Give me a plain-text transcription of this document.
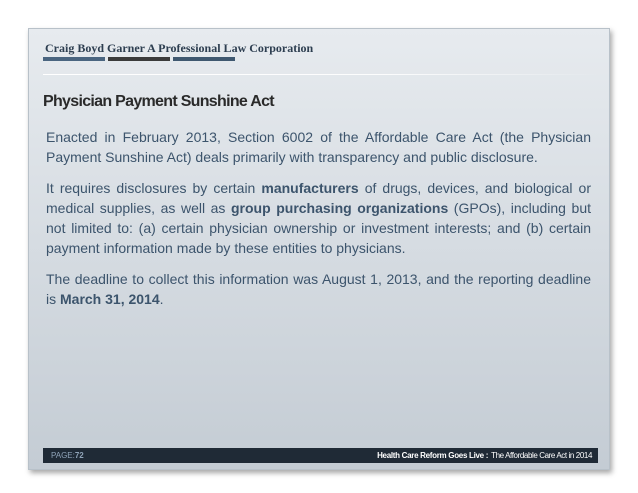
Craig Boyd Garner A Professional Law Corporation
Physician Payment Sunshine Act

Enacted in February 2013, Section 6002 of the Affordable Care Act (the Physician Payment Sunshine Act) deals primarily with transparency and public disclosure.

It requires disclosures by certain manufacturers of drugs, devices, and biological or medical supplies, as well as group purchasing organizations (GPOs), including but not limited to: (a) certain physician ownership or investment interests; and (b) certain payment information made by these entities to physicians.

The deadline to collect this information was August 1, 2013, and the reporting deadline is March 31, 2014.

PAGE: 72	Health Care Reform Goes Live : The Affordable Care Act in 2014
